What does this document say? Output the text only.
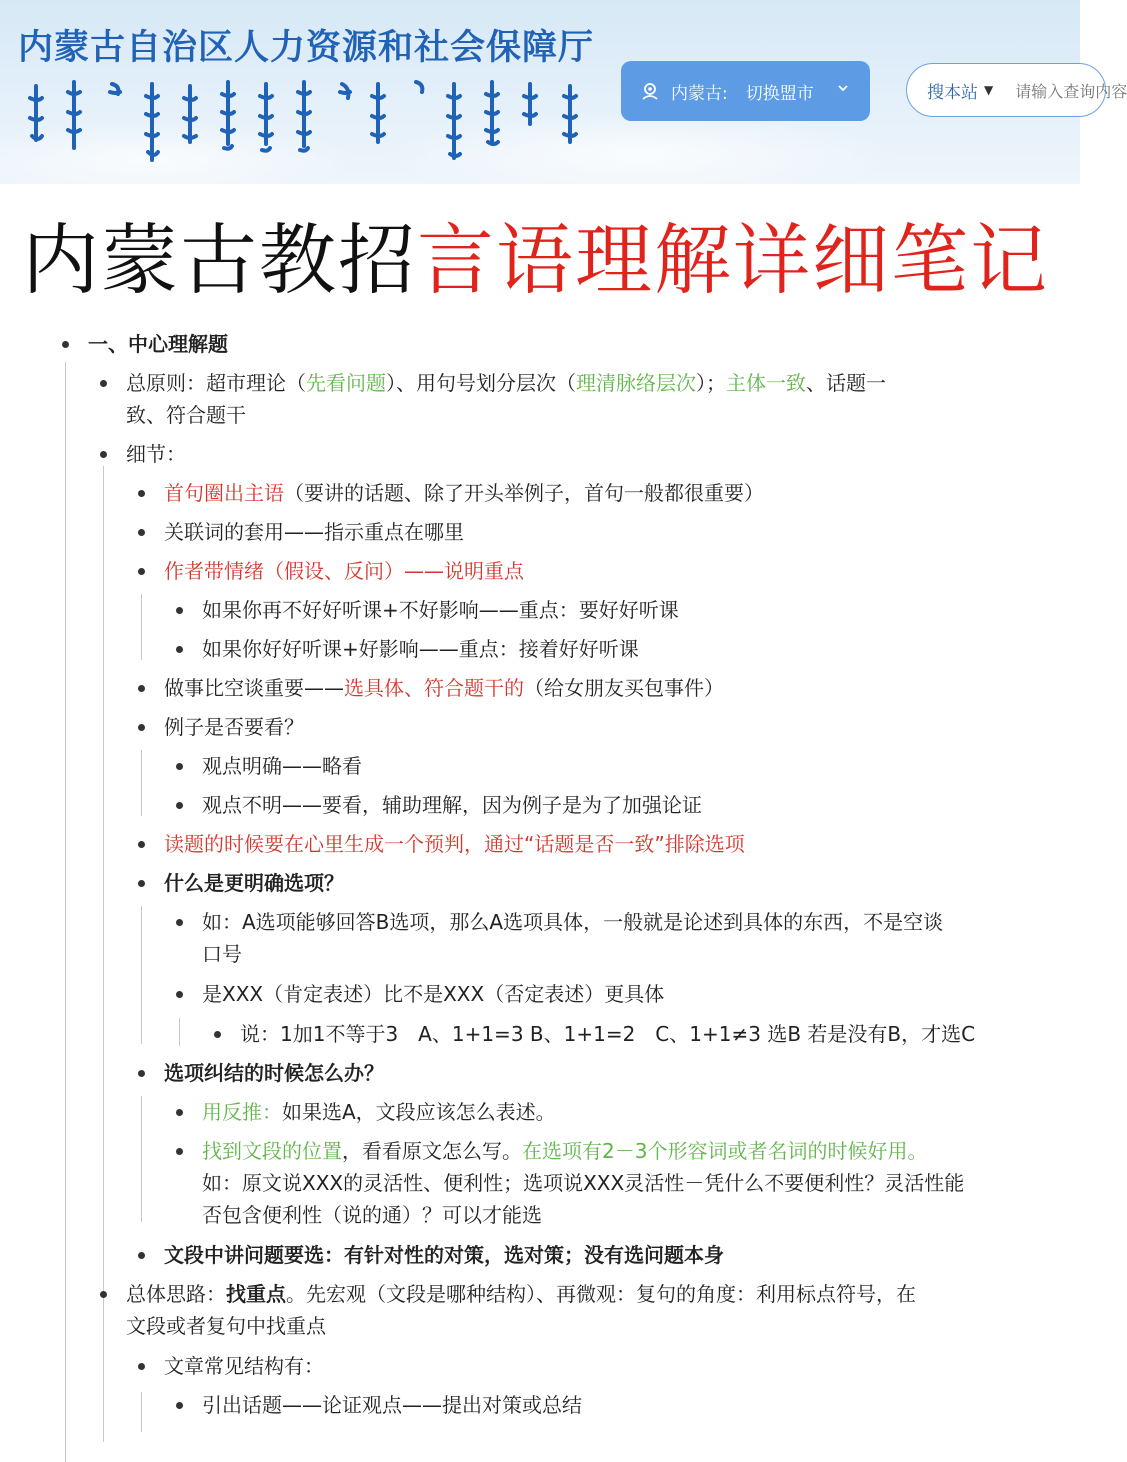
内蒙古自治区人力资源和社会保障厅
内蒙古: 切换盟市	搜本站 ▼ 请输入查询内容
内蒙古教招言语理解详细笔记
一、中心理解题
总原则：超市理论（先看问题）、用句号划分层次（理清脉络层次）；主体一致、话题一
致、符合题干
细节：
首句圈出主语（要讲的话题、除了开头举例子，首句一般都很重要）
关联词的套用——指示重点在哪里
作者带情绪（假设、反问）——说明重点
如果你再不好好听课+不好影响——重点：要好好听课
如果你好好听课+好影响——重点：接着好好听课
做事比空谈重要——选具体、符合题干的（给女朋友买包事件）
例子是否要看？
观点明确——略看
观点不明——要看，辅助理解，因为例子是为了加强论证
读题的时候要在心里生成一个预判，通过“话题是否一致”排除选项
什么是更明确选项？
如：A选项能够回答B选项，那么A选项具体，一般就是论述到具体的东西，不是空谈
口号
是XXX（肯定表述）比不是XXX（否定表述）更具体
说：1加1不等于3　A、1+1=3 B、1+1=2　C、1+1≠3 选B 若是没有B，才选C
选项纠结的时候怎么办？
用反推：如果选A，文段应该怎么表述。
找到文段的位置，看看原文怎么写。在选项有2－3个形容词或者名词的时候好用。
如：原文说XXX的灵活性、便利性；选项说XXX灵活性－凭什么不要便利性？灵活性能
否包含便利性（说的通）？可以才能选
文段中讲问题要选：有针对性的对策，选对策；没有选问题本身
总体思路：找重点。先宏观（文段是哪种结构）、再微观：复句的角度：利用标点符号，在
文段或者复句中找重点
文章常见结构有：
引出话题——论证观点——提出对策或总结
